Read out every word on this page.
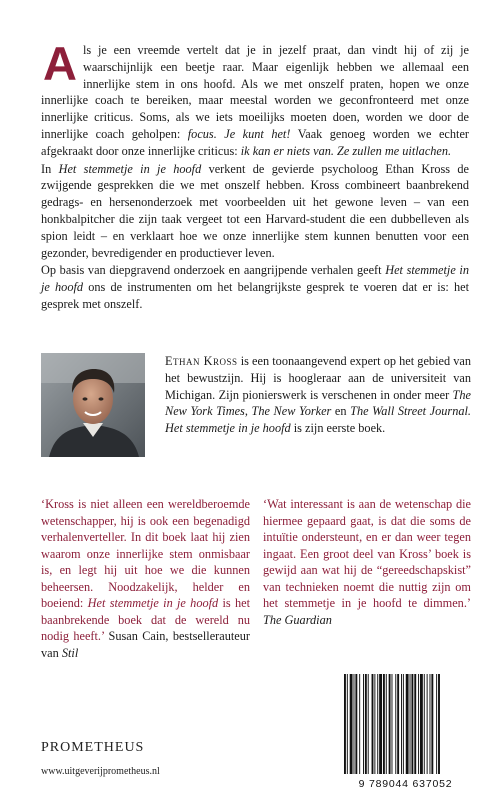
Als je een vreemde vertelt dat je in jezelf praat, dan vindt hij of zij je waarschijnlijk een beetje raar. Maar eigenlijk hebben we allemaal een innerlijke stem in ons hoofd. Als we met onszelf praten, hopen we onze innerlijke coach te bereiken, maar meestal worden we geconfronteerd met onze innerlijke criticus. Soms, als we iets moeilijks moeten doen, worden we door de innerlijke coach geholpen: focus. Je kunt het! Vaak genoeg worden we echter afgekraakt door onze innerlijke criticus: ik kan er niets van. Ze zullen me uitlachen.

In Het stemmetje in je hoofd verkent de gevierde psycholoog Ethan Kross de zwijgende gesprekken die we met onszelf hebben. Kross combineert baanbrekend gedrags- en hersenonderzoek met voorbeelden uit het gewone leven – van een honkbalpitcher die zijn taak vergeet tot een Harvard-student die een dubbelleven als spion leidt – en verklaart hoe we onze innerlijke stem kunnen benutten voor een gezonder, bevredigender en productiever leven.

Op basis van diepgravend onderzoek en aangrijpende verhalen geeft Het stemmetje in je hoofd ons de instrumenten om het belangrijkste gesprek te voeren dat er is: het gesprek met onszelf.

Ethan Kross is een toonaangevend expert op het gebied van het bewustzijn. Hij is hoogleraar aan de universiteit van Michigan. Zijn pionierswerk is verschenen in onder meer The New York Times, The New Yorker en The Wall Street Journal. Het stemmetje in je hoofd is zijn eerste boek.
‘Kross is niet alleen een wereldberoemde wetenschapper, hij is ook een begenadigd verhalenverteller. In dit boek laat hij zien waarom onze innerlijke stem onmisbaar is, en legt hij uit hoe we die kunnen beheersen. Noodzakelijk, helder en boeiend: Het stemmetje in je hoofd is het baanbrekende boek dat de wereld nu nodig heeft.’ Susan Cain, bestsellerauteur van Stil
‘Wat interessant is aan de wetenschap die hiermee gepaard gaat, is dat die soms de intuïtie ondersteunt, en er dan weer tegen ingaat. Een groot deel van Kross’ boek is gewijd aan wat hij de “gereedschapskist” van technieken noemt die nuttig zijn om het stemmetje in je hoofd te dimmen.’ The Guardian
PROMETHEUS
www.uitgeverijprometheus.nl
9 789044 637052
